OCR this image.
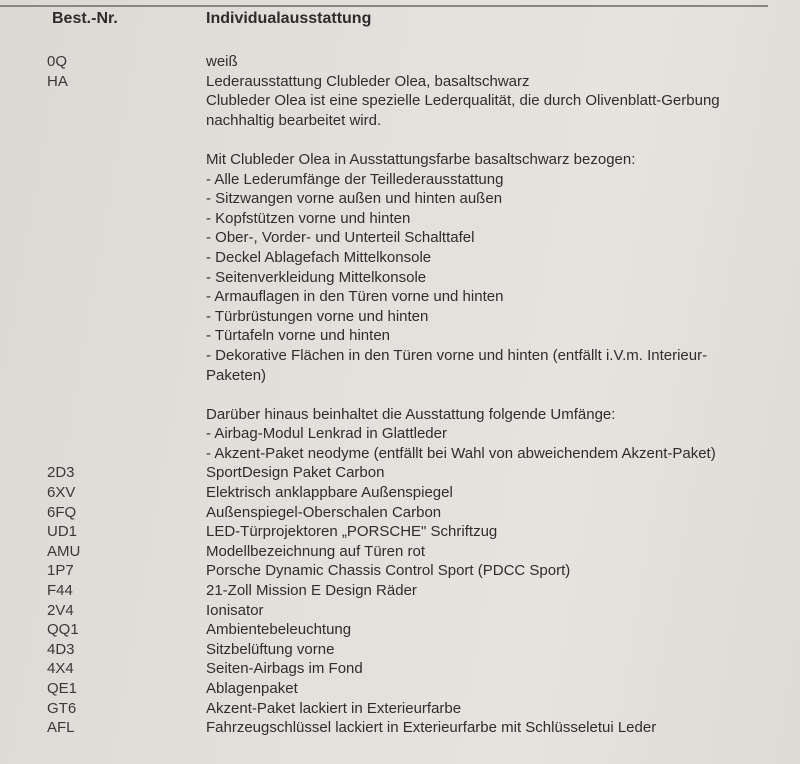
Best.-Nr.	Individualausstattung
0Q	weiß

HA	Lederausstattung Clubleder Olea, basaltschwarz

Clubleder Olea ist eine spezielle Lederqualität, die durch Olivenblatt-Gerbung

nachhaltig bearbeitet wird.

Mit Clubleder Olea in Ausstattungsfarbe basaltschwarz bezogen:

- Alle Lederumfänge der Teillederausstattung

- Sitzwangen vorne außen und hinten außen

- Kopfstützen vorne und hinten

- Ober-, Vorder- und Unterteil Schalttafel

- Deckel Ablagefach Mittelkonsole

- Seitenverkleidung Mittelkonsole

- Armauflagen in den Türen vorne und hinten

- Türbrüstungen vorne und hinten

- Türtafeln vorne und hinten

- Dekorative Flächen in den Türen vorne und hinten (entfällt i.V.m. Interieur-

Paketen)

Darüber hinaus beinhaltet die Ausstattung folgende Umfänge:

- Airbag-Modul Lenkrad in Glattleder

- Akzent-Paket neodyme (entfällt bei Wahl von abweichendem Akzent-Paket)

2D3	SportDesign Paket Carbon

6XV	Elektrisch anklappbare Außenspiegel

6FQ	Außenspiegel-Oberschalen Carbon

UD1	LED-Türprojektoren „PORSCHE" Schriftzug

AMU	Modellbezeichnung auf Türen rot

1P7	Porsche Dynamic Chassis Control Sport (PDCC Sport)

F44	21-Zoll Mission E Design Räder

2V4	Ionisator

QQ1	Ambientebeleuchtung

4D3	Sitzbelüftung vorne

4X4	Seiten-Airbags im Fond

QE1	Ablagenpaket

GT6	Akzent-Paket lackiert in Exterieurfarbe

AFL	Fahrzeugschlüssel lackiert in Exterieurfarbe mit Schlüsseletui Leder
